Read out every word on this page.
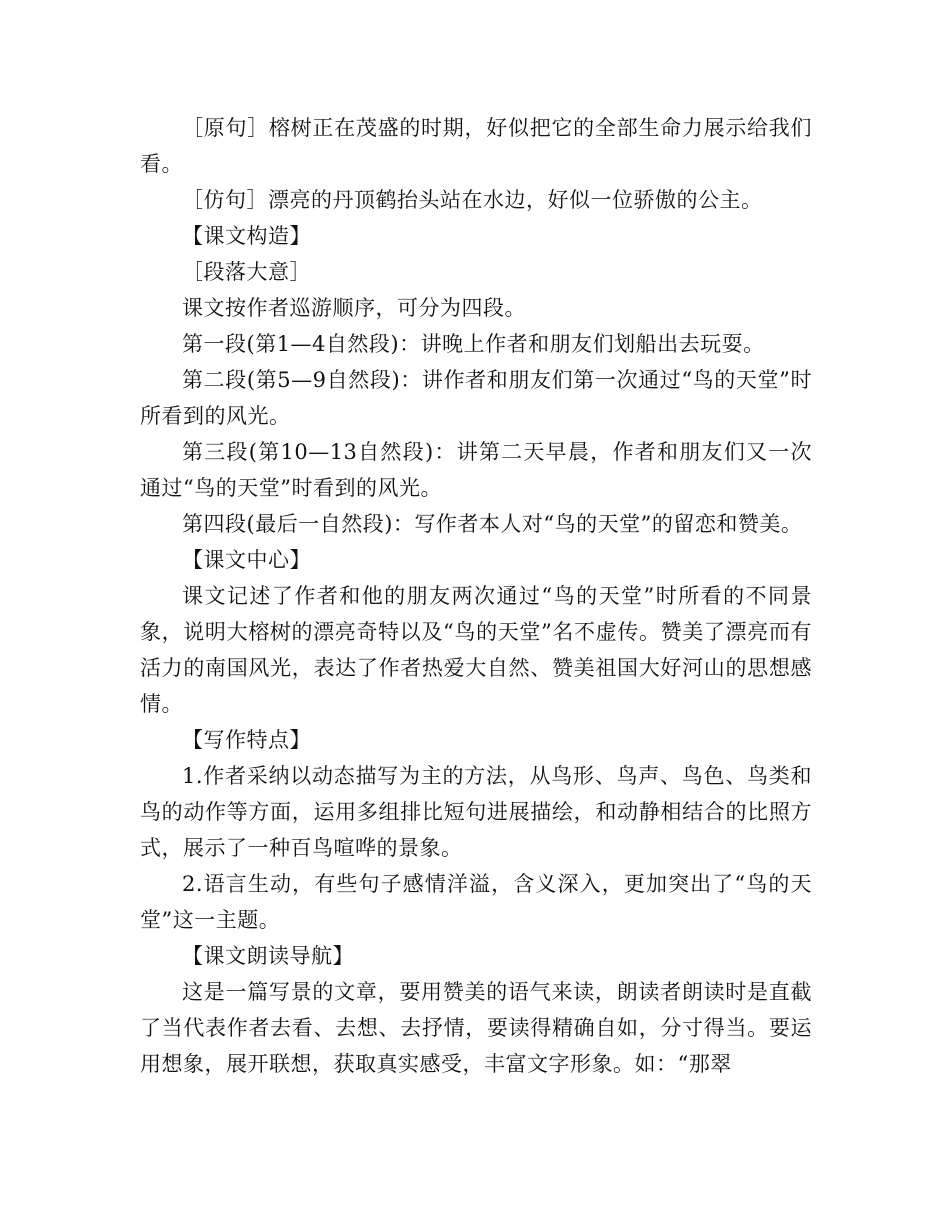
［原句］榕树正在茂盛的时期，好似把它的全部生命力展示给我们看。

［仿句］漂亮的丹顶鹤抬头站在水边，好似一位骄傲的公主。

【课文构造】

［段落大意］

课文按作者巡游顺序，可分为四段。

第一段(第1—4自然段)：讲晚上作者和朋友们划船出去玩耍。

第二段(第5—9自然段)：讲作者和朋友们第一次通过“鸟的天堂”时所看到的风光。

第三段(第10—13自然段)：讲第二天早晨，作者和朋友们又一次通过“鸟的天堂”时看到的风光。

第四段(最后一自然段)：写作者本人对“鸟的天堂”的留恋和赞美。

【课文中心】

课文记述了作者和他的朋友两次通过“鸟的天堂”时所看的不同景象，说明大榕树的漂亮奇特以及“鸟的天堂”名不虚传。赞美了漂亮而有活力的南国风光，表达了作者热爱大自然、赞美祖国大好河山的思想感情。

【写作特点】

1.作者采纳以动态描写为主的方法，从鸟形、鸟声、鸟色、鸟类和鸟的动作等方面，运用多组排比短句进展描绘，和动静相结合的比照方式，展示了一种百鸟喧哗的景象。

2.语言生动，有些句子感情洋溢，含义深入，更加突出了“鸟的天堂”这一主题。

【课文朗读导航】

这是一篇写景的文章，要用赞美的语气来读，朗读者朗读时是直截了当代表作者去看、去想、去抒情，要读得精确自如，分寸得当。要运用想象，展开联想，获取真实感受，丰富文字形象。如：“那翠
